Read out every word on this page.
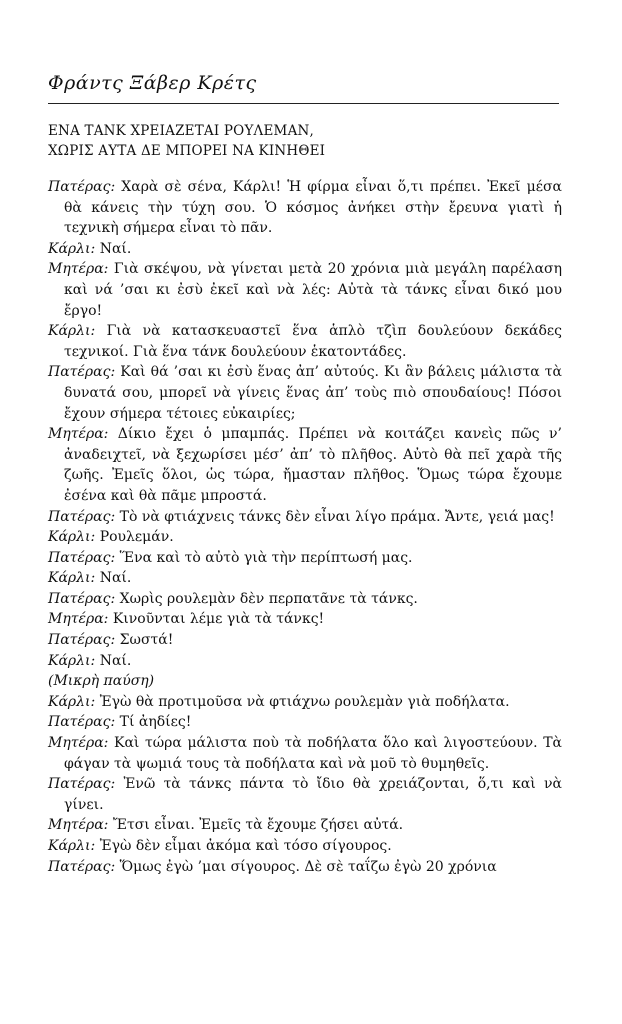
Φράντς Ξάβερ Κρέτς
ΕΝΑ ΤΑΝΚ ΧΡΕΙΑΖΕΤΑΙ ΡΟΥΛΕΜΑΝ,
ΧΩΡΙΣ ΑΥΤΑ ΔΕ ΜΠΟΡΕΙ ΝΑ ΚΙΝΗΘΕΙ

Πατέρας: Χαρὰ σὲ σένα, Κάρλι! Ἡ φίρμα εἶναι ὅ,τι πρέπει. Ἐκεῖ μέσα θὰ κάνεις τὴν τύχη σου. Ὁ κόσμος ἀνήκει στὴν ἔρευνα γιατὶ ἡ τεχνικὴ σήμερα εἶναι τὸ πᾶν.

Κάρλι: Ναί.

Μητέρα: Γιὰ σκέψου, νὰ γίνεται μετὰ 20 χρόνια μιὰ μεγάλη παρέλαση καὶ νά ’σαι κι ἐσὺ ἐκεῖ καὶ νὰ λές: Αὐτὰ τὰ τάνκς εἶναι δικό μου ἔργο!

Κάρλι: Γιὰ νὰ κατασκευαστεῖ ἕνα ἁπλὸ τζὶπ δουλεύουν δεκάδες τεχνικοί. Γιὰ ἕνα τάνκ δουλεύουν ἑκατοντάδες.

Πατέρας: Καὶ θά ’σαι κι ἐσὺ ἕνας ἀπ’ αὐτούς. Κι ἂν βάλεις μάλιστα τὰ δυνατά σου, μπορεῖ νὰ γίνεις ἕνας ἀπ’ τοὺς πιὸ σπουδαίους! Πόσοι ἔχουν σήμερα τέτοιες εὐκαιρίες;

Μητέρα: Δίκιο ἔχει ὁ μπαμπάς. Πρέπει νὰ κοιτάζει κανεὶς πῶς ν’ ἀναδειχτεῖ, νὰ ξεχωρίσει μέσ’ ἀπ’ τὸ πλῆθος. Αὐτὸ θὰ πεῖ χαρὰ τῆς ζωῆς. Ἐμεῖς ὅλοι, ὡς τώρα, ἤμασταν πλῆθος. Ὅμως τώρα ἔχουμε ἐσένα καὶ θὰ πᾶμε μπροστά.

Πατέρας: Τὸ νὰ φτιάχνεις τάνκς δὲν εἶναι λίγο πράμα. Ἄντε, γειά μας!

Κάρλι: Ρουλεμάν.

Πατέρας: Ἕνα καὶ τὸ αὐτὸ γιὰ τὴν περίπτωσή μας.

Κάρλι: Ναί.

Πατέρας: Χωρὶς ρουλεμὰν δὲν περπατᾶνε τὰ τάνκς.

Μητέρα: Κινοῦνται λέμε γιὰ τὰ τάνκς!

Πατέρας: Σωστά!

Κάρλι: Ναί.

(Μικρὴ παύση)

Κάρλι: Ἐγὼ θὰ προτιμοῦσα νὰ φτιάχνω ρουλεμὰν γιὰ ποδήλατα.

Πατέρας: Τί ἀηδίες!

Μητέρα: Καὶ τώρα μάλιστα ποὺ τὰ ποδήλατα ὅλο καὶ λιγοστεύουν. Τὰ φάγαν τὰ ψωμιά τους τὰ ποδήλατα καὶ νὰ μοῦ τὸ θυμηθεῖς.

Πατέρας: Ἐνῶ τὰ τάνκς πάντα τὸ ἴδιο θὰ χρειάζονται, ὅ,τι καὶ νὰ γίνει.

Μητέρα: Ἔτσι εἶναι. Ἐμεῖς τὰ ἔχουμε ζήσει αὐτά.

Κάρλι: Ἐγὼ δὲν εἶμαι ἀκόμα καὶ τόσο σίγουρος.

Πατέρας: Ὅμως ἐγὼ ’μαι σίγουρος. Δὲ σὲ ταΐζω ἐγὼ 20 χρόνια
